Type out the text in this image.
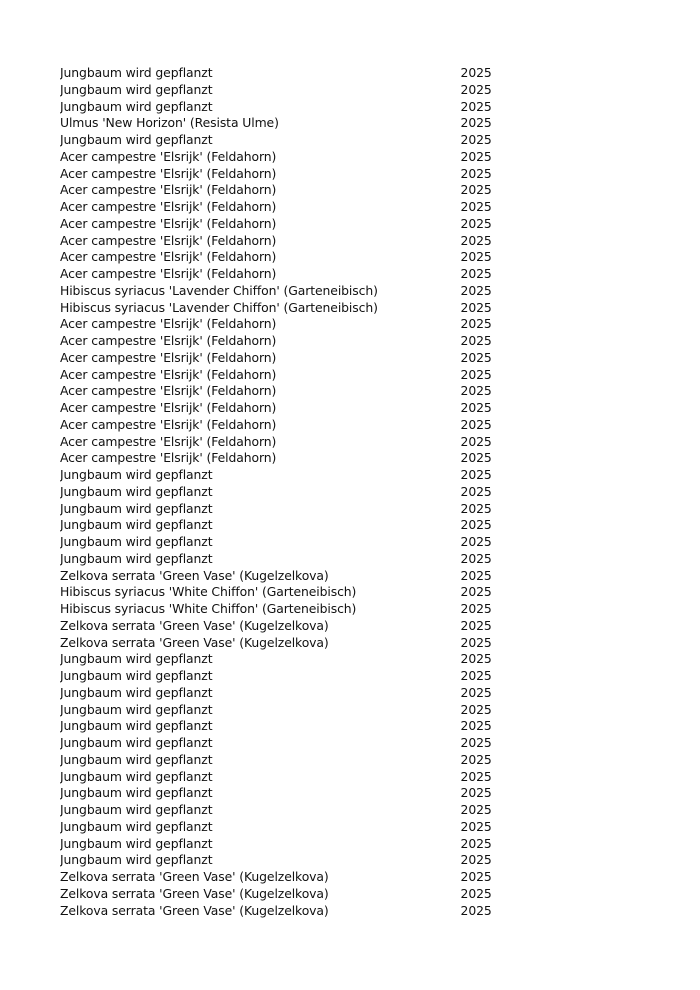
Jungbaum wird gepflanzt	2025
Jungbaum wird gepflanzt	2025
Jungbaum wird gepflanzt	2025
Ulmus 'New Horizon' (Resista Ulme)	2025
Jungbaum wird gepflanzt	2025
Acer campestre 'Elsrijk' (Feldahorn)	2025
Acer campestre 'Elsrijk' (Feldahorn)	2025
Acer campestre 'Elsrijk' (Feldahorn)	2025
Acer campestre 'Elsrijk' (Feldahorn)	2025
Acer campestre 'Elsrijk' (Feldahorn)	2025
Acer campestre 'Elsrijk' (Feldahorn)	2025
Acer campestre 'Elsrijk' (Feldahorn)	2025
Acer campestre 'Elsrijk' (Feldahorn)	2025
Hibiscus syriacus 'Lavender Chiffon' (Garteneibisch)	2025
Hibiscus syriacus 'Lavender Chiffon' (Garteneibisch)	2025
Acer campestre 'Elsrijk' (Feldahorn)	2025
Acer campestre 'Elsrijk' (Feldahorn)	2025
Acer campestre 'Elsrijk' (Feldahorn)	2025
Acer campestre 'Elsrijk' (Feldahorn)	2025
Acer campestre 'Elsrijk' (Feldahorn)	2025
Acer campestre 'Elsrijk' (Feldahorn)	2025
Acer campestre 'Elsrijk' (Feldahorn)	2025
Acer campestre 'Elsrijk' (Feldahorn)	2025
Acer campestre 'Elsrijk' (Feldahorn)	2025
Jungbaum wird gepflanzt	2025
Jungbaum wird gepflanzt	2025
Jungbaum wird gepflanzt	2025
Jungbaum wird gepflanzt	2025
Jungbaum wird gepflanzt	2025
Jungbaum wird gepflanzt	2025
Zelkova serrata 'Green Vase' (Kugelzelkova)	2025
Hibiscus syriacus 'White Chiffon' (Garteneibisch)	2025
Hibiscus syriacus 'White Chiffon' (Garteneibisch)	2025
Zelkova serrata 'Green Vase' (Kugelzelkova)	2025
Zelkova serrata 'Green Vase' (Kugelzelkova)	2025
Jungbaum wird gepflanzt	2025
Jungbaum wird gepflanzt	2025
Jungbaum wird gepflanzt	2025
Jungbaum wird gepflanzt	2025
Jungbaum wird gepflanzt	2025
Jungbaum wird gepflanzt	2025
Jungbaum wird gepflanzt	2025
Jungbaum wird gepflanzt	2025
Jungbaum wird gepflanzt	2025
Jungbaum wird gepflanzt	2025
Jungbaum wird gepflanzt	2025
Jungbaum wird gepflanzt	2025
Jungbaum wird gepflanzt	2025
Zelkova serrata 'Green Vase' (Kugelzelkova)	2025
Zelkova serrata 'Green Vase' (Kugelzelkova)	2025
Zelkova serrata 'Green Vase' (Kugelzelkova)	2025
